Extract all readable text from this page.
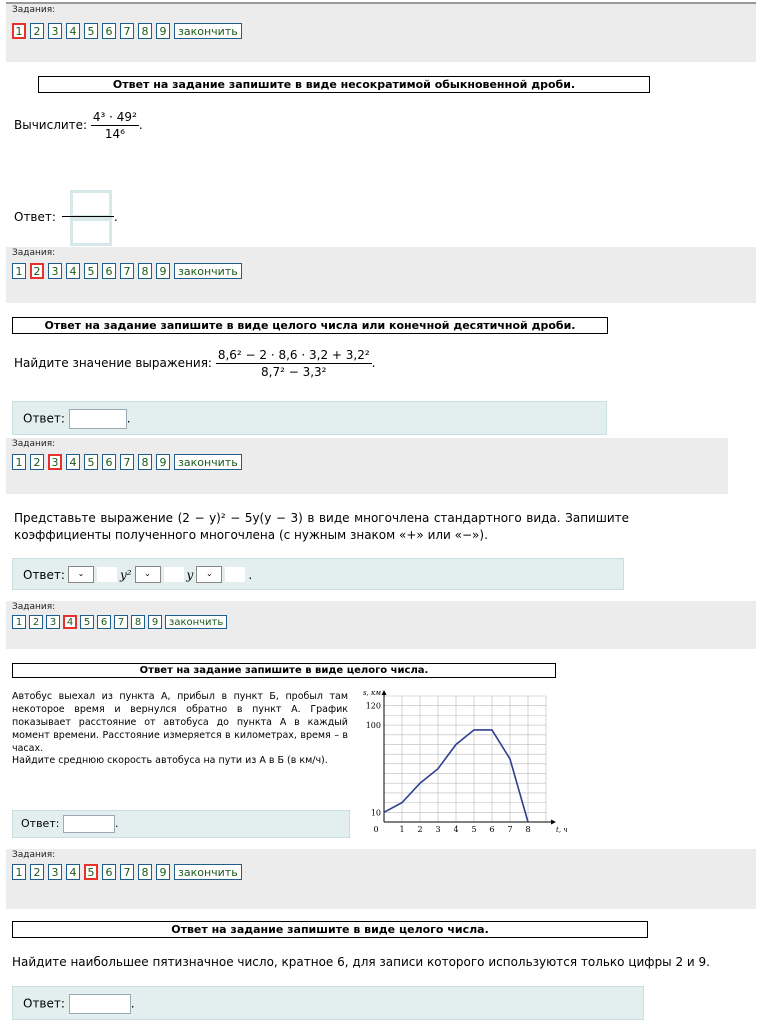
Задания:
1	2	3	4	5	6	7	8	9	закончить
Ответ на задание запишите в виде несократимой обыкновенной дроби.
Вычислите: $\frac{\text{4³ · 49²}}{\text{14⁶}}$ .
Ответ:	.
Задания:
1	2	3	4	5	6	7	8	9	закончить
Ответ на задание запишите в виде целого числа или конечной десятичной дроби.
Найдите значение выражения: $\frac{\text{8,6² − 2 · 8,6 · 3,2 + 3,2²}}{\text{8,7² − 3,3²}}$ .
Ответ:	.
Задания:
1	2	3	4	5	6	7	8	9	закончить
Представьте выражение (2 − y)² − 5y(y − 3) в виде многочлена стандартного вида. Запишите коэффициенты полученного многочлена (с нужным знаком «+» или «−»).
Ответ:	⌄	y²	⌄	y	⌄	.
Задания:
1	2	3	4	5	6	7	8	9	закончить
Ответ на задание запишите в виде целого числа.
Автобус выехал из пункта А, прибыл в пункт Б, пробыл там некоторое время и вернулся обратно в пункт А. График показывает расстояние от автобуса до пункта А в каждый момент времени. Расстояние измеряется в километрах, время – в часах.
Найдите среднюю скорость автобуса на пути из А в Б (в км/ч).
Ответ:	.	0	1 2 3 4 5 6 7 8
10
100
120
s, км
t, ч
Задания:
1	2	3	4	5	6	7	8	9	закончить
Ответ на задание запишите в виде целого числа.
Найдите наибольшее пятизначное число, кратное 6, для записи которого используются только цифры 2 и 9.
Ответ:	.
